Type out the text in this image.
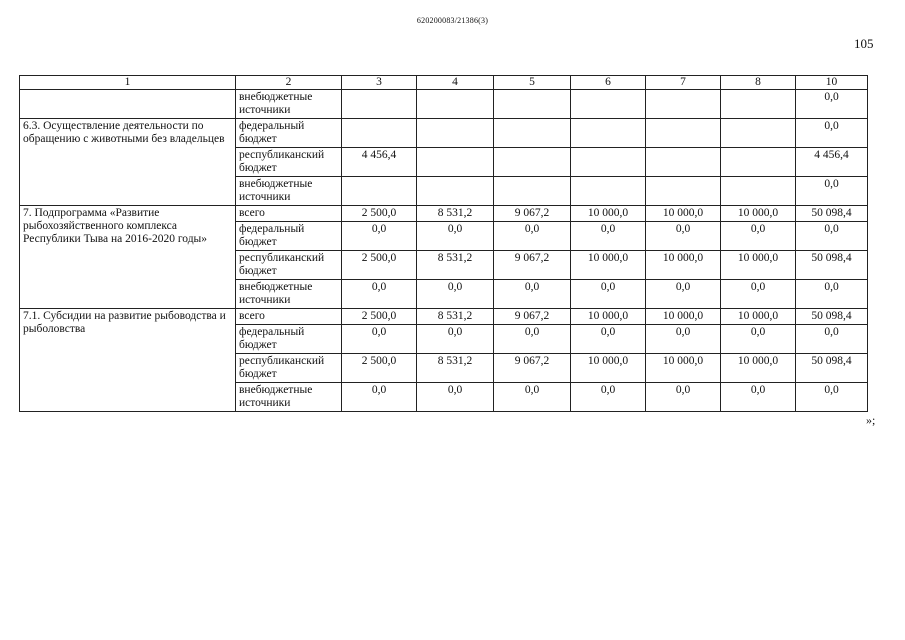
620200083/21386(3)
105
1	2	3	4	5	6	7	8	10
	внебюджетные источники							0,0
6.3. Осуществление деятельности по обращению с животными без владельцев	федеральный бюджет							0,0
	республиканский бюджет	4 456,4						4 456,4
	внебюджетные источники							0,0
7. Подпрограмма «Развитие рыбохозяйственного комплекса Республики Тыва на 2016-2020 годы»	всего	2 500,0	8 531,2	9 067,2	10 000,0	10 000,0	10 000,0	50 098,4
	федеральный бюджет	0,0	0,0	0,0	0,0	0,0	0,0	0,0
	республиканский бюджет	2 500,0	8 531,2	9 067,2	10 000,0	10 000,0	10 000,0	50 098,4
	внебюджетные источники	0,0	0,0	0,0	0,0	0,0	0,0	0,0
7.1. Субсидии на развитие рыбоводства и рыболовства	всего	2 500,0	8 531,2	9 067,2	10 000,0	10 000,0	10 000,0	50 098,4
	федеральный бюджет	0,0	0,0	0,0	0,0	0,0	0,0	0,0
	республиканский бюджет	2 500,0	8 531,2	9 067,2	10 000,0	10 000,0	10 000,0	50 098,4
	внебюджетные источники	0,0	0,0	0,0	0,0	0,0	0,0	0,0
»;
